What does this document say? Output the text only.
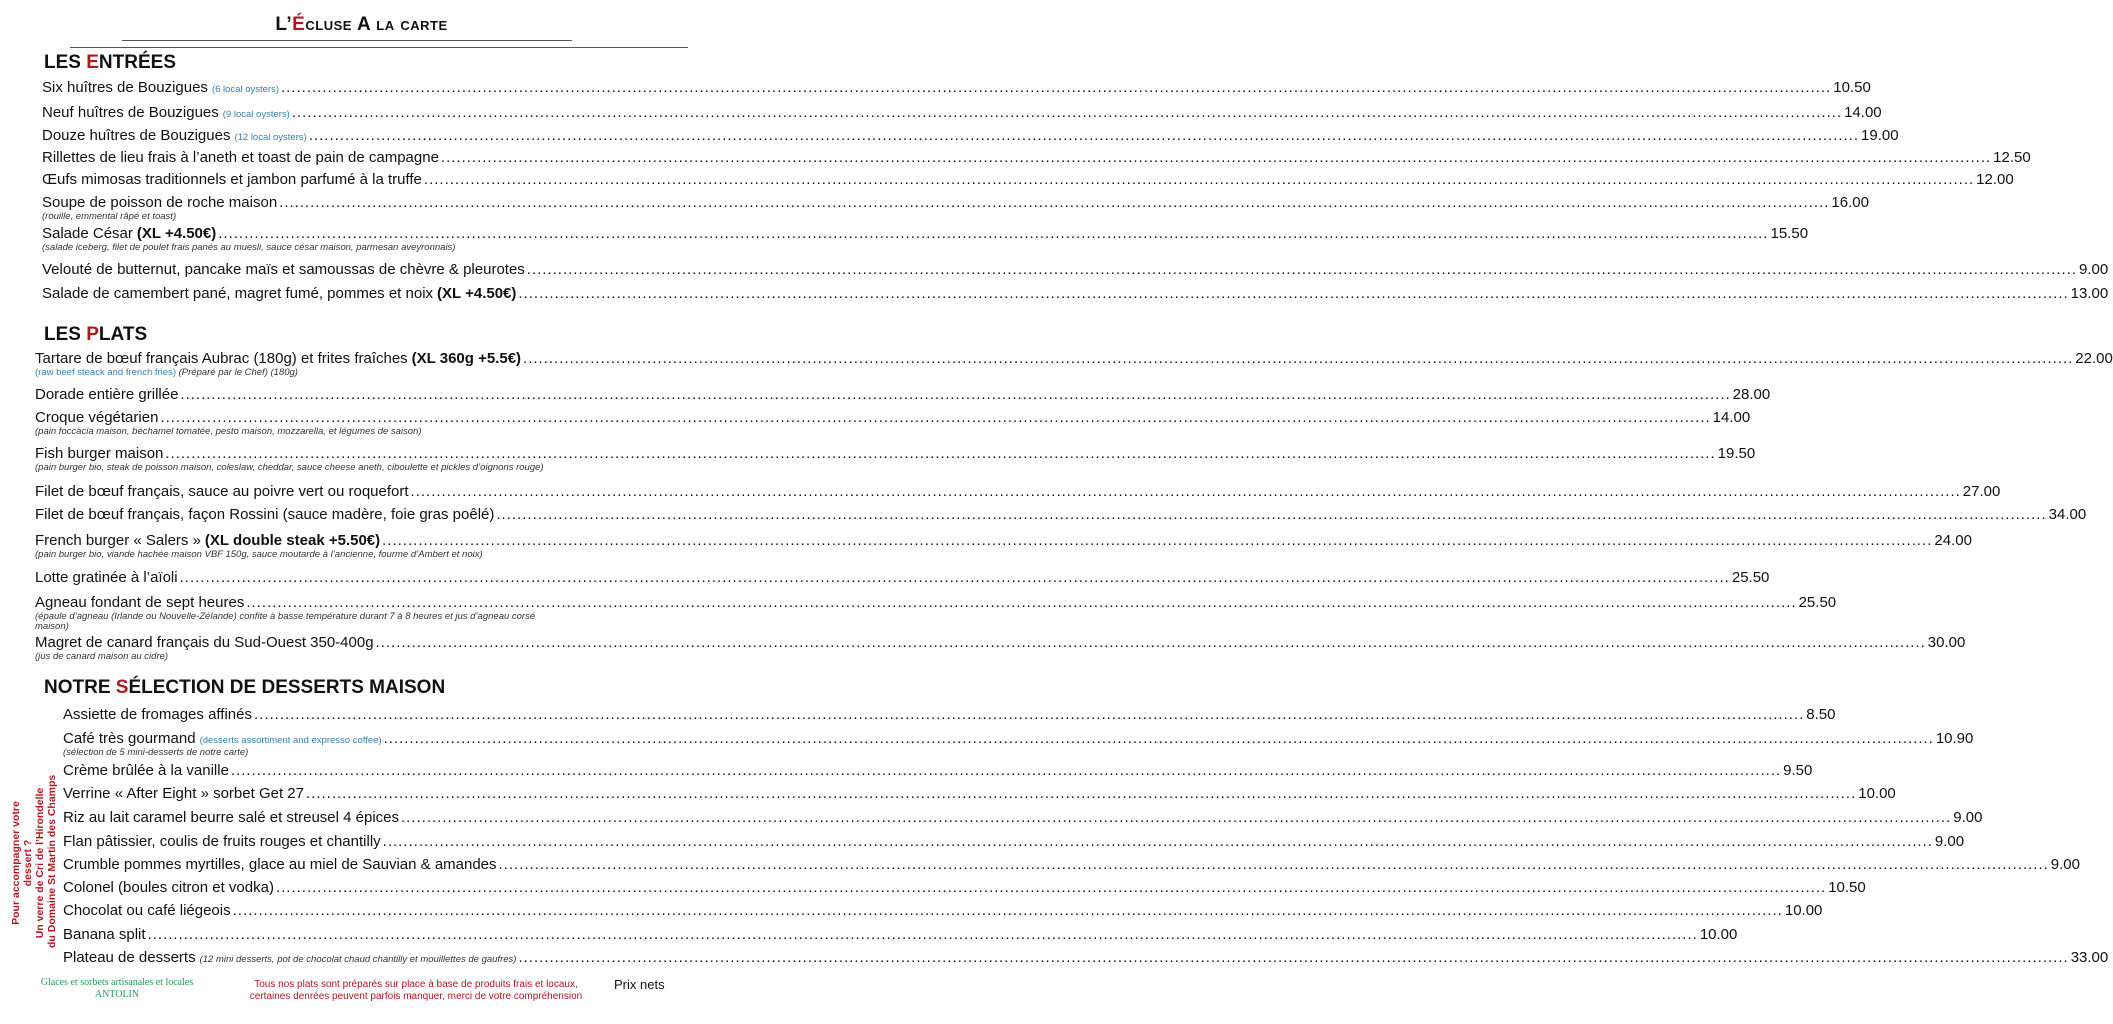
L’Écluse A la carte
LES ENTRÉES
LES PLATS
NOTRE SÉLECTION DE DESSERTS MAISON
Six huîtres de Bouzigues (6 local oysters) ............................................................................................................................................................................................................................................................................................................ 10.50
Neuf huîtres de Bouzigues (9 local oysters) ............................................................................................................................................................................................................................................................................................................ 14.00
Douze huîtres de Bouzigues (12 local oysters) ............................................................................................................................................................................................................................................................................................................ 19.00
Rillettes de lieu frais à l’aneth et toast de pain de campagne ............................................................................................................................................................................................................................................................................................................ 12.50
Œufs mimosas traditionnels et jambon parfumé à la truffe ............................................................................................................................................................................................................................................................................................................ 12.00
Soupe de poisson de roche maison ............................................................................................................................................................................................................................................................................................................ 16.00
(rouille, emmental râpé et toast)
Salade César (XL +4.50€) ............................................................................................................................................................................................................................................................................................................ 15.50
(salade iceberg, filet de poulet frais panés au muesli, sauce césar maison, parmesan aveyronnais)
Velouté de butternut, pancake maïs et samoussas de chèvre & pleurotes ............................................................................................................................................................................................................................................................................................................ 9.00
Salade de camembert pané, magret fumé, pommes et noix (XL +4.50€) ............................................................................................................................................................................................................................................................................................................ 13.00
Tartare de bœuf français Aubrac (180g) et frites fraîches (XL 360g +5.5€) ............................................................................................................................................................................................................................................................................................................ 22.00
(raw beef steack and french fries) (Préparé par le Chef) (180g)
Dorade entière grillée ............................................................................................................................................................................................................................................................................................................ 28.00
Croque végétarien ............................................................................................................................................................................................................................................................................................................ 14.00
(pain foccacia maison, béchamel tomatée, pesto maison, mozzarella, et légumes de saison)
Fish burger maison ............................................................................................................................................................................................................................................................................................................ 19.50
(pain burger bio, steak de poisson maison, coleslaw, cheddar, sauce cheese aneth, ciboulette et pickles d’oignons rouge)
Filet de bœuf français, sauce au poivre vert ou roquefort ............................................................................................................................................................................................................................................................................................................ 27.00
Filet de bœuf français, façon Rossini (sauce madère, foie gras poêlé) ............................................................................................................................................................................................................................................................................................................ 34.00
French burger « Salers » (XL double steak +5.50€) ............................................................................................................................................................................................................................................................................................................ 24.00
(pain burger bio, viande hachée maison VBF 150g, sauce moutarde à l’ancienne, fourme d’Ambert et noix)
Lotte gratinée à l’aïoli ............................................................................................................................................................................................................................................................................................................ 25.50
Agneau fondant de sept heures ............................................................................................................................................................................................................................................................................................................ 25.50
(épaule d’agneau (Irlande ou Nouvelle-Zélande) confite à basse température durant 7 à 8 heures et jus d’agneau corsé
maison)
Magret de canard français du Sud-Ouest 350-400g ............................................................................................................................................................................................................................................................................................................ 30.00
(jus de canard maison au cidre)
Assiette de fromages affinés ............................................................................................................................................................................................................................................................................................................ 8.50
Café très gourmand (desserts assortiment and expresso coffee) ............................................................................................................................................................................................................................................................................................................ 10.90
(sélection de 5 mini-desserts de notre carte)
Crème brûlée à la vanille ............................................................................................................................................................................................................................................................................................................ 9.50
Verrine « After Eight » sorbet Get 27 ............................................................................................................................................................................................................................................................................................................ 10.00
Riz au lait caramel beurre salé et streusel 4 épices ............................................................................................................................................................................................................................................................................................................ 9.00
Flan pâtissier, coulis de fruits rouges et chantilly ............................................................................................................................................................................................................................................................................................................ 9.00
Crumble pommes myrtilles, glace au miel de Sauvian & amandes ............................................................................................................................................................................................................................................................................................................ 9.00
Colonel (boules citron et vodka) ............................................................................................................................................................................................................................................................................................................ 10.50
Chocolat ou café liégeois ............................................................................................................................................................................................................................................................................................................ 10.00
Banana split ............................................................................................................................................................................................................................................................................................................ 10.00
Plateau de desserts (12 mini desserts, pot de chocolat chaud chantilly et mouillettes de gaufres) ............................................................................................................................................................................................................................................................................................................ 33.00
Pour accompagner votre dessert ? Un verre de Cri de l’Hirondelle du Domaine St Martin des Champs
Glaces et sorbets artisanales et locales
ANTOLIN
Tous nos plats sont préparés sur place à base de produits frais et locaux,
certaines denrées peuvent parfois manquer, merci de votre compréhension
Prix nets
